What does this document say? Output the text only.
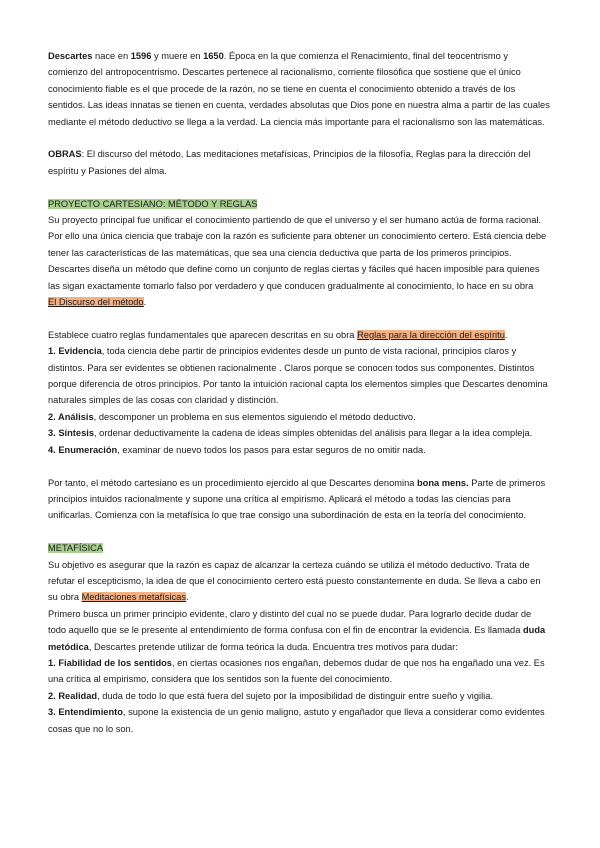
Descartes nace en 1596 y muere en 1650. Época en la que comienza el Renacimiento, final del teocentrismo y comienzo del antropocentrismo. Descartes pertenece al racionalismo, corriente filosófica que sostiene que el único conocimiento fiable es el que procede de la razón, no se tiene en cuenta el conocimiento obtenido a través de los sentidos. Las ideas innatas se tienen en cuenta, verdades absolutas que Dios pone en nuestra alma a partir de las cuales mediante el método deductivo se llega a la verdad. La ciencia más importante para el racionalismo son las matemáticas.

OBRAS: El discurso del método, Las meditaciones metafísicas, Principios de la filosofía, Reglas para la dirección del espíritu y Pasiones del alma.

PROYECTO CARTESIANO: MÉTODO Y REGLAS

Su proyecto principal fue unificar el conocimiento partiendo de que el universo y el ser humano actúa de forma racional. Por ello una única ciencia que trabaje con la razón es suficiente para obtener un conocimiento certero. Está ciencia debe tener las características de las matemáticas, que sea una ciencia deductiva que parta de los primeros principios.

Descartes diseña un método que define como un conjunto de reglas ciertas y fáciles qué hacen imposible para quienes las sigan exactamente tomarlo falso por verdadero y que conducen gradualmente al conocimiento, lo hace en su obra El Discurso del método.

Establece cuatro reglas fundamentales que aparecen descritas en su obra Reglas para la dirección del espíritu.

1. Evidencia, toda ciencia debe partir de principios evidentes desde un punto de vista racional, principios claros y distintos. Para ser evidentes se obtienen racionalmente . Claros porque se conocen todos sus componentes. Distintos porque diferencia de otros principios. Por tanto la intuición racional capta los elementos simples que Descartes denomina naturales simples de las cosas con claridad y distinción.

2. Análisis, descomponer un problema en sus elementos siguiendo el método deductivo.

3. Síntesis, ordenar deductivamente la cadena de ideas simples obtenidas del análisis para llegar a la idea compleja.

4. Enumeración, examinar de nuevo todos los pasos para estar seguros de no omitir nada.

Por tanto, el método cartesiano es un procedimiento ejercido al que Descartes denomina bona mens. Parte de primeros principios intuidos racionalmente y supone una crítica al empirismo. Aplicará el método a todas las ciencias para unificarlas. Comienza con la metafísica lo que trae consigo una subordinación de esta en la teoría del conocimiento.

METAFÍSICA

Su objetivo es asegurar que la razón es capaz de alcanzar la certeza cuándo se utiliza el método deductivo. Trata de refutar el escepticismo, la idea de que el conocimiento certero está puesto constantemente en duda. Se lleva a cabo en su obra Meditaciones metafísicas.

Primero busca un primer principio evidente, claro y distinto del cual no se puede dudar. Para lograrlo decide dudar de todo aquello que se le presente al entendimiento de forma confusa con el fin de encontrar la evidencia. Es llamada duda metódica, Descartes pretende utilizar de forma teórica la duda. Encuentra tres motivos para dudar:

1. Fiabilidad de los sentidos, en ciertas ocasiones nos engañan, debemos dudar de que nos ha engañado una vez. Es una crítica al empirismo, considera que los sentidos son la fuente del conocimiento.

2. Realidad, duda de todo lo que está fuera del sujeto por la imposibilidad de distinguir entre sueño y vigilia.

3. Entendimiento, supone la existencia de un genio maligno, astuto y engañador que lleva a considerar como evidentes cosas que no lo son.
